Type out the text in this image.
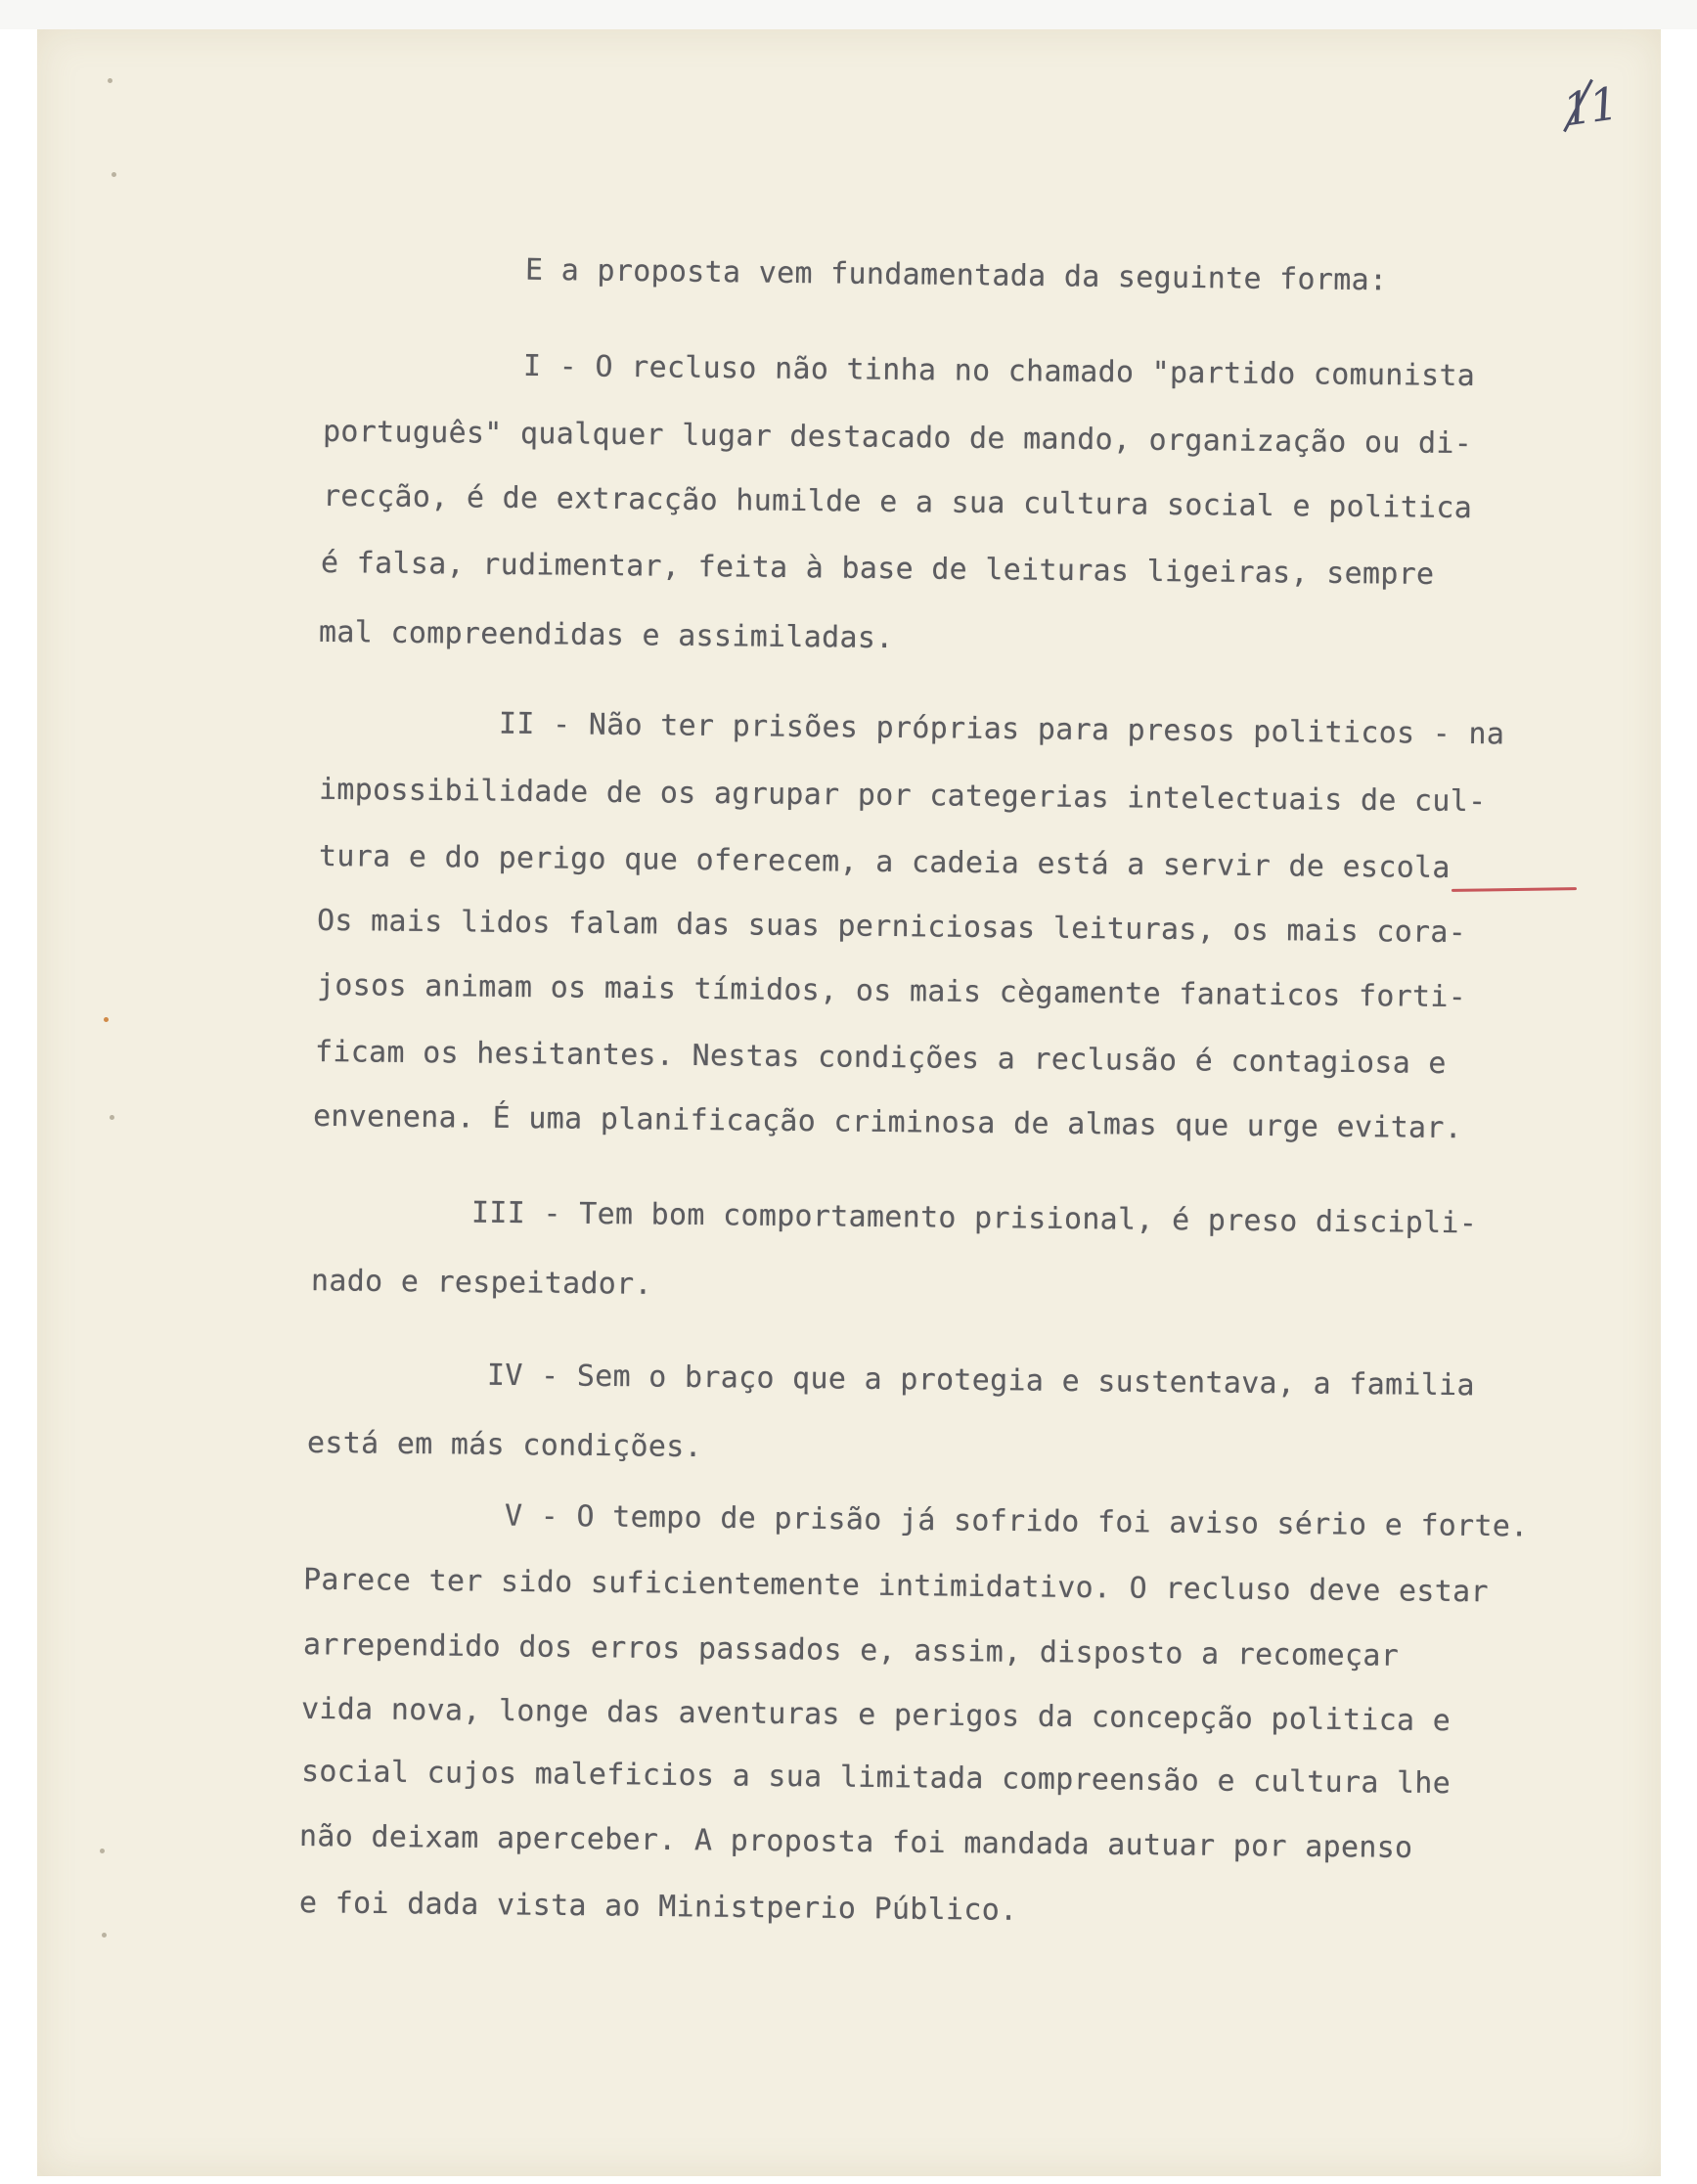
11

E a proposta vem fundamentada da seguinte forma:

I - O recluso não tinha no chamado "partido comunista

português" qualquer lugar destacado de mando, organização ou di-

recção, é de extracção humilde e a sua cultura social e politica

é falsa, rudimentar, feita à base de leituras ligeiras, sempre

mal compreendidas e assimiladas.

II - Não ter prisões próprias para presos politicos - na

impossibilidade de os agrupar por categerias intelectuais de cul-

tura e do perigo que oferecem, a cadeia está a servir de escola

Os mais lidos falam das suas perniciosas leituras, os mais cora-

josos animam os mais tímidos, os mais cègamente fanaticos forti-

ficam os hesitantes. Nestas condições a reclusão é contagiosa e

envenena. É uma planificação criminosa de almas que urge evitar.

III - Tem bom comportamento prisional, é preso discipli-

nado e respeitador.

IV - Sem o braço que a protegia e sustentava, a familia

está em más condições.

V - O tempo de prisão já sofrido foi aviso sério e forte.

Parece ter sido suficientemente intimidativo. O recluso deve estar

arrependido dos erros passados e, assim, disposto a recomeçar

vida nova, longe das aventuras e perigos da concepção politica e

social cujos maleficios a sua limitada compreensão e cultura lhe

não deixam aperceber. A proposta foi mandada autuar por apenso

e foi dada vista ao Ministperio Público.
